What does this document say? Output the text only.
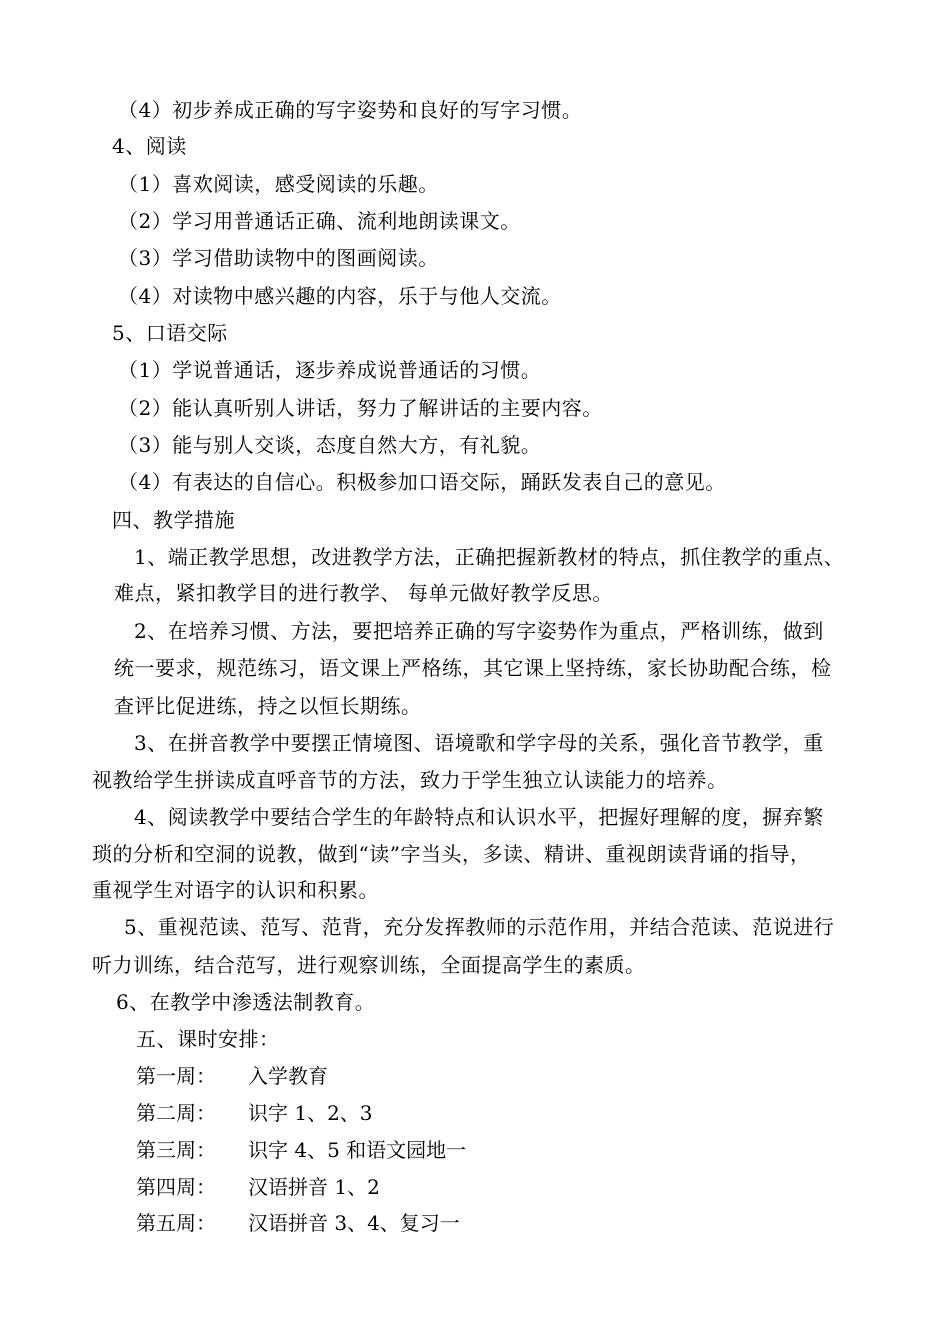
（4）初步养成正确的写字姿势和良好的写字习惯。
4、阅读
（1）喜欢阅读，感受阅读的乐趣。
（2）学习用普通话正确、流利地朗读课文。
（3）学习借助读物中的图画阅读。
（4）对读物中感兴趣的内容，乐于与他人交流。
5、口语交际
（1）学说普通话，逐步养成说普通话的习惯。
（2）能认真听别人讲话，努力了解讲话的主要内容。
（3）能与别人交谈，态度自然大方，有礼貌。
（4）有表达的自信心。积极参加口语交际，踊跃发表自己的意见。
四、教学措施
1、端正教学思想，改进教学方法，正确把握新教材的特点，抓住教学的重点、
难点，紧扣教学目的进行教学、 每单元做好教学反思。
2、在培养习惯、方法，要把培养正确的写字姿势作为重点，严格训练，做到
统一要求，规范练习，语文课上严格练，其它课上坚持练，家长协助配合练，检
查评比促进练，持之以恒长期练。
3、在拼音教学中要摆正情境图、语境歌和学字母的关系，强化音节教学，重
视教给学生拼读成直呼音节的方法，致力于学生独立认读能力的培养。
4、阅读教学中要结合学生的年龄特点和认识水平，把握好理解的度，摒弃繁
琐的分析和空洞的说教，做到“读”字当头，多读、精讲、重视朗读背诵的指导，
重视学生对语字的认识和积累。
5、重视范读、范写、范背，充分发挥教师的示范作用，并结合范读、范说进行
听力训练，结合范写，进行观察训练，全面提高学生的素质。
6、在教学中渗透法制教育。
五、课时安排：
第一周： 入学教育
第二周： 识字 1、2、3
第三周： 识字 4、5 和语文园地一
第四周： 汉语拼音 1、2
第五周： 汉语拼音 3、4、复习一
